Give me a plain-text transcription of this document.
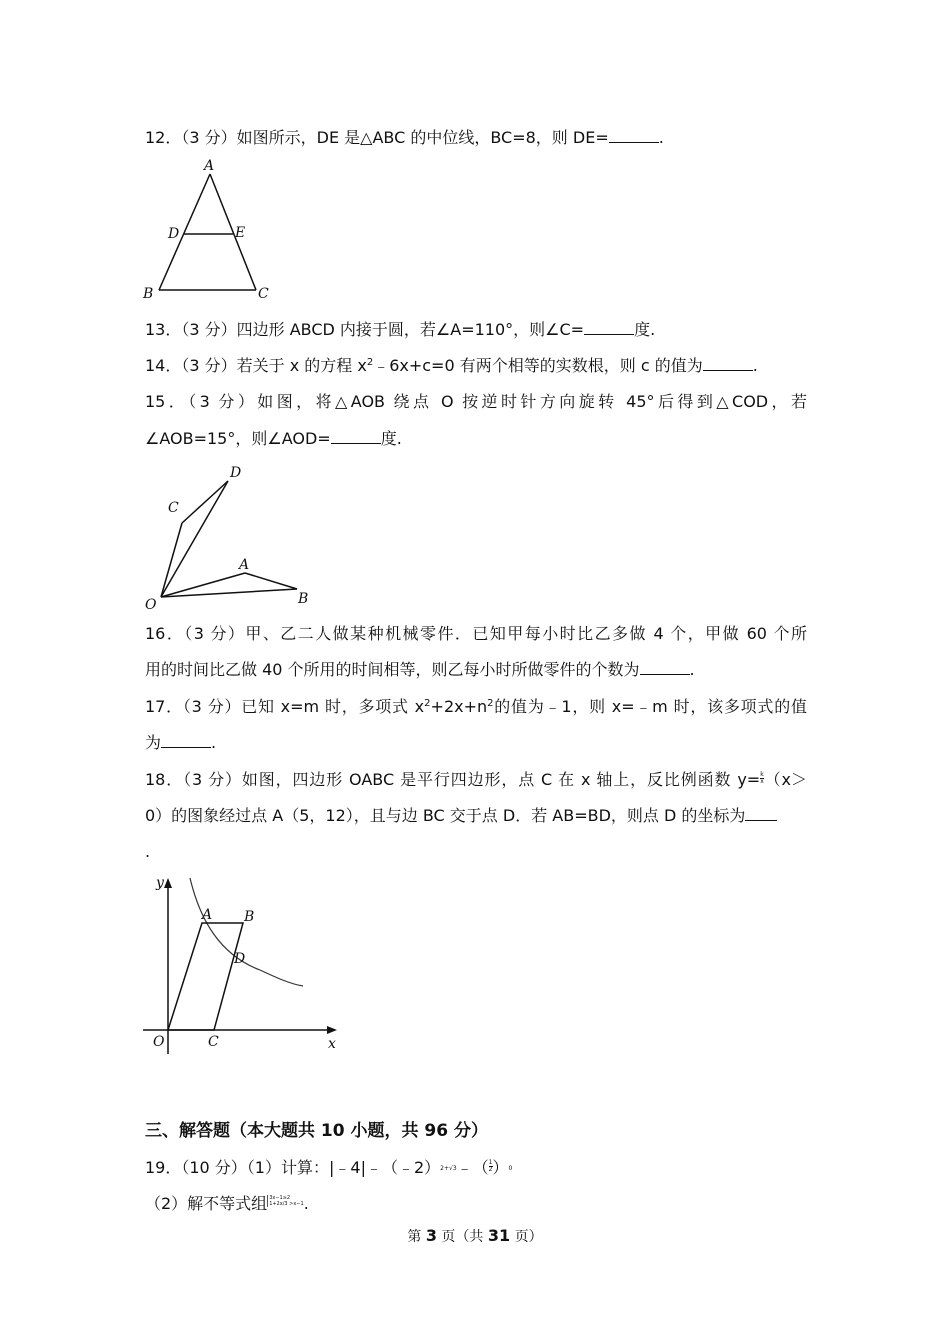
12．（3 分）如图所示，DE 是△ABC 的中位线，BC=8，则 DE=	.
A
D	E
B	C
13．（3 分）四边形 ABCD 内接于圆，若∠A=110°，则∠C=	度.
14．（3 分）若关于 x 的方程 $x^2﹣6x+c=0$ 有两个相等的实数根，则 c 的值为	.
15．（3 分）如图，将△AOB 绕点 O 按逆时针方向旋转 45°后得到△COD，若
∠AOB=15°，则∠AOD=	度.
D
C
A
O	B
16．（3 分）甲、乙二人做某种机械零件．已知甲每小时比乙多做 4 个，甲做 60 个所
用的时间比乙做 40 个所用的时间相等，则乙每小时所做零件的个数为	.
17．（3 分）已知 x=m 时，多项式 $x^2+2x+n^2$的值为﹣1，则 x=﹣m 时，该多项式的值
为	.
18．（3 分）如图，四边形 OABC 是平行四边形，点 C 在 x 轴上，反比例函数 $y= \frac{k}{x} (x>$
0）的图象经过点 A（5，12），且与边 BC 交于点 D．若 AB=BD，则点 D 的坐标为
.
y
A B
D
O	C	x
三、解答题（本大题共 10 小题，共 96 分）
19．（10 分）（1）计算：|﹣4|﹣（﹣2）$^{2+√3}$﹣（ $\frac{1}{2} )^0$
（2）解不等式组 3x−1≥2
1+2x/3 >x−1 .
第 3 页（共 31 页）
